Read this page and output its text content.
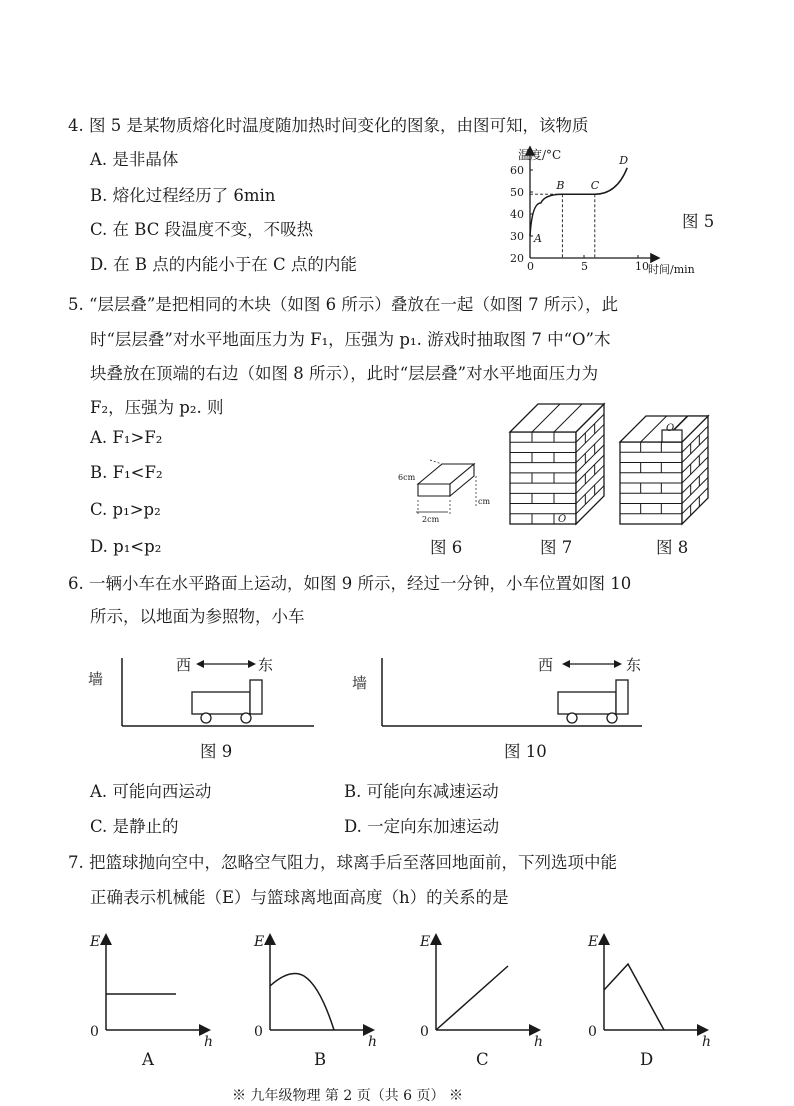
4. 图 5 是某物质熔化时温度随加热时间变化的图象，由图可知，该物质
A. 是非晶体
B. 熔化过程经历了 6min
C. 在 BC 段温度不变，不吸热
D. 在 B 点的内能小于在 C 点的内能	20
30
40
50
60
0	5	10
A
B C
D
温度/°C
时间/min
图 5
5. “层层叠”是把相同的木块（如图 6 所示）叠放在一起（如图 7 所示），此
时“层层叠”对水平地面压力为 F₁，压强为 p₁. 游戏时抽取图 7 中“O”木
块叠放在顶端的右边（如图 8 所示），此时“层层叠”对水平地面压力为
F₂，压强为 p₂. 则
A. F₁>F₂
B. F₁<F₂
C. p₁>p₂
D. p₁<p₂
6cm
2cm
cm
图 6
O
图 7
O
图 8
6. 一辆小车在水平路面上运动，如图 9 所示，经过一分钟，小车位置如图 10
所示，以地面为参照物，小车
墙
西	东
图 9
墙
西	东
图 10
A. 可能向西运动	B. 可能向东减速运动
C. 是静止的	D. 一定向东加速运动
7. 把篮球抛向空中，忽略空气阻力，球离手后至落回地面前，下列选项中能
正确表示机械能（E）与篮球离地面高度（h）的关系的是
E
0
h
A
E
0
h
B
E
0
h
C
E
0
h
D
※ 九年级物理 第 2 页（共 6 页） ※
